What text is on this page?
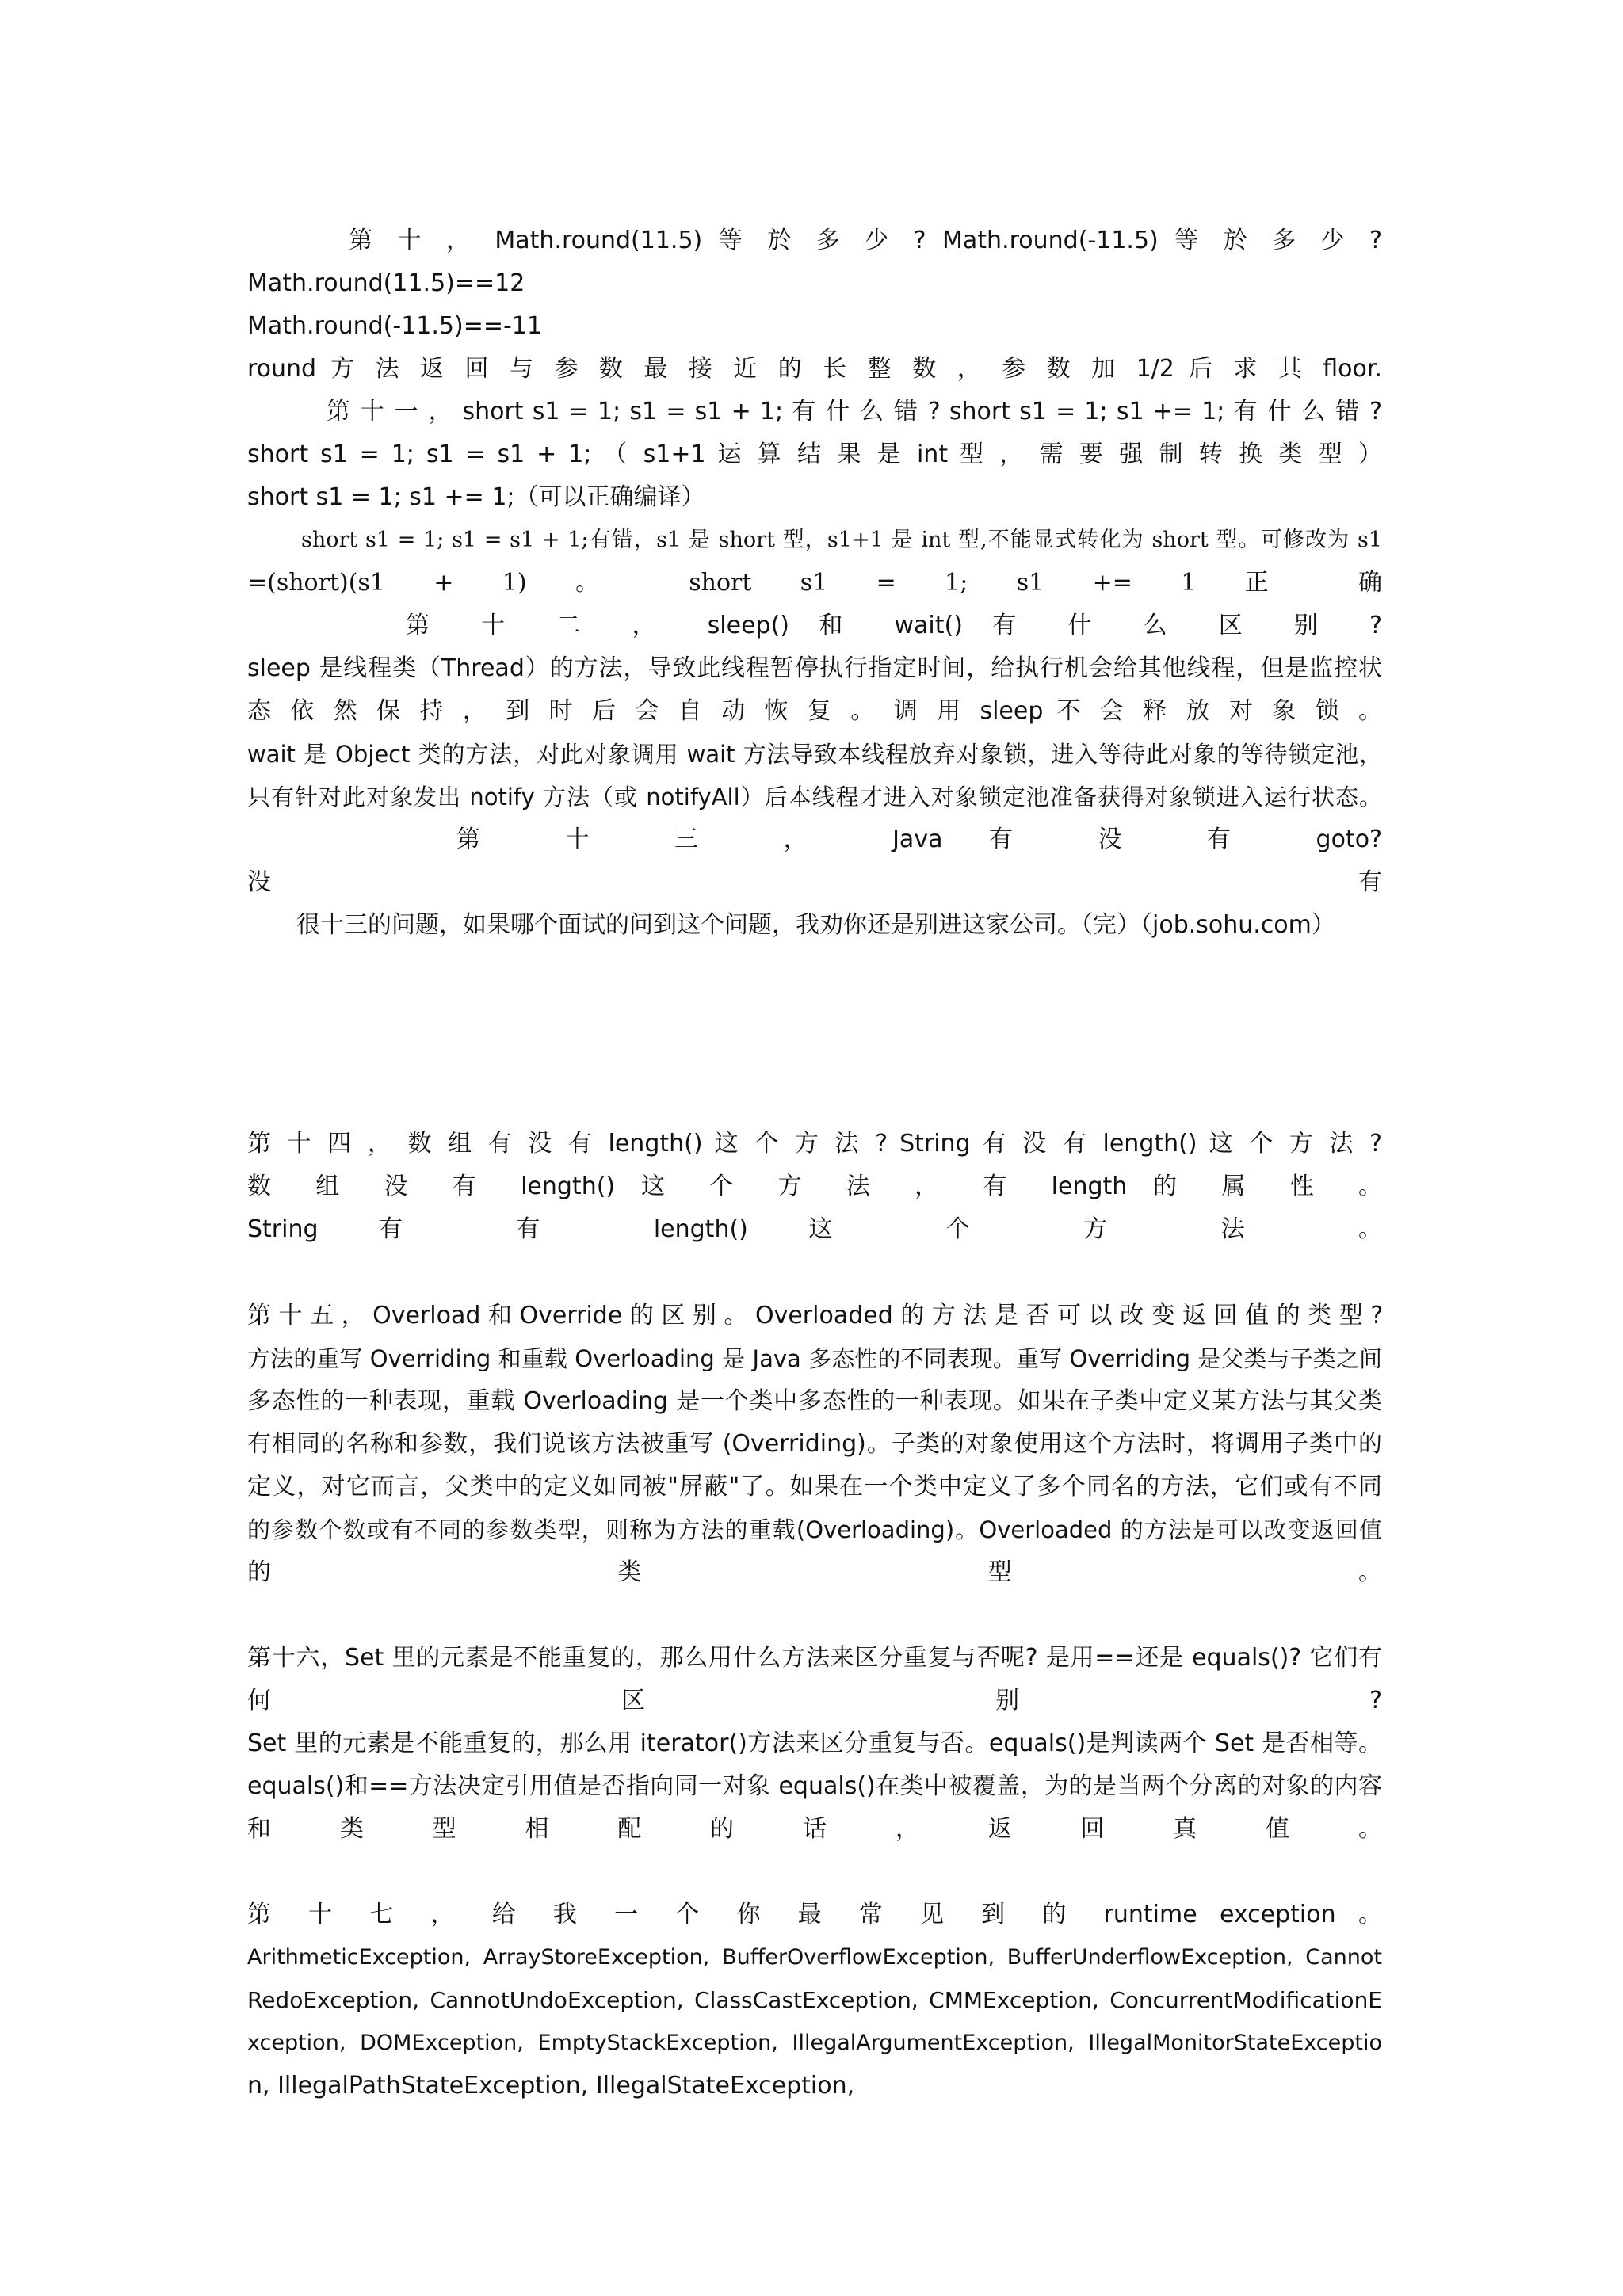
第 十 ， Math.round(11.5) 等 於 多 少 ? Math.round(-11.5) 等 於 多 少 ?
Math.round(11.5)==12
Math.round(-11.5)==-11
round 方 法 返 回 与 参 数 最 接 近 的 长 整 数 ， 参 数 加 1/2 后 求 其 floor.
第 十 一 ， short s1 = 1; s1 = s1 + 1; 有 什 么 错 ? short s1 = 1; s1 += 1; 有 什 么 错 ?
short s1 = 1; s1 = s1 + 1; （ s1+1 运 算 结 果 是 int 型 ， 需 要 强 制 转 换 类 型 ）
short s1 = 1; s1 += 1;（可以正确编译）
short s1 = 1; s1 = s1 + 1;有错，s1 是 short 型，s1+1 是 int 型,不能显式转化为 short 型。可修改为 s1
=(short)(s1 + 1) 。 short s1 = 1; s1 += 1 正 确
第 十 二 ， sleep() 和 wait() 有 什 么 区 别 ?
sleep 是线程类（Thread）的方法，导致此线程暂停执行指定时间，给执行机会给其他线程，但是监控状
态 依 然 保 持 ， 到 时 后 会 自 动 恢 复 。 调 用 sleep 不 会 释 放 对 象 锁 。
wait 是 Object 类的方法，对此对象调用 wait 方法导致本线程放弃对象锁，进入等待此对象的等待锁定池，
只有针对此对象发出 notify 方法（或 notifyAll）后本线程才进入对象锁定池准备获得对象锁进入运行状态。
第 十 三 ， Java 有 没 有 goto?
没 有
很十三的问题，如果哪个面试的问到这个问题，我劝你还是别进这家公司。（完）（job.sohu.com）
第 十 四 ， 数 组 有 没 有 length() 这 个 方 法 ? String 有 没 有 length() 这 个 方 法 ?
数 组 没 有 length() 这 个 方 法 ， 有 length 的 属 性 。
String 有 有 length() 这 个 方 法 。
第 十 五 ， Overload 和 Override 的 区 别 。 Overloaded 的 方 法 是 否 可 以 改 变 返 回 值 的 类 型 ?
方法的重写 Overriding 和重载 Overloading 是 Java 多态性的不同表现。重写 Overriding 是父类与子类之间
多态性的一种表现，重载 Overloading 是一个类中多态性的一种表现。如果在子类中定义某方法与其父类
有相同的名称和参数，我们说该方法被重写 (Overriding)。子类的对象使用这个方法时，将调用子类中的
定义，对它而言，父类中的定义如同被"屏蔽"了。如果在一个类中定义了多个同名的方法，它们或有不同
的参数个数或有不同的参数类型，则称为方法的重载(Overloading)。Overloaded 的方法是可以改变返回值
的 类 型 。
第十六，Set 里的元素是不能重复的，那么用什么方法来区分重复与否呢? 是用==还是 equals()? 它们有
何 区 别 ?
Set 里的元素是不能重复的，那么用 iterator()方法来区分重复与否。equals()是判读两个 Set 是否相等。
equals()和==方法决定引用值是否指向同一对象 equals()在类中被覆盖，为的是当两个分离的对象的内容
和 类 型 相 配 的 话 ， 返 回 真 值 。
第 十 七 ， 给 我 一 个 你 最 常 见 到 的 runtime exception 。
ArithmeticException, ArrayStoreException, BufferOverflowException, BufferUnderflowException, Cannot
RedoException, CannotUndoException, ClassCastException, CMMException, ConcurrentModificationE
xception, DOMException, EmptyStackException, IllegalArgumentException, IllegalMonitorStateExceptio
n, IllegalPathStateException, IllegalStateException,
